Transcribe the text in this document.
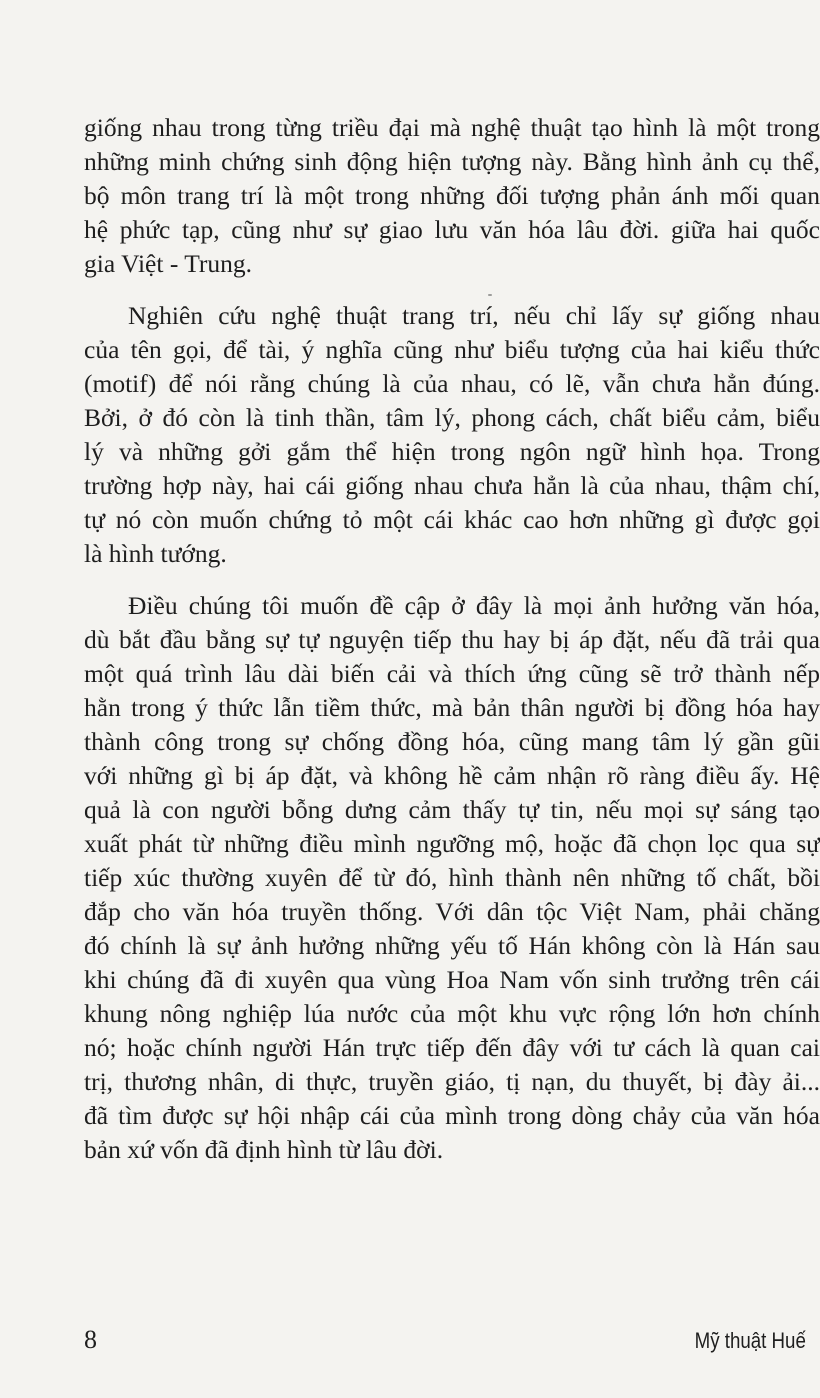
giống nhau trong từng triều đại mà nghệ thuật tạo hình là một trong
những minh chứng sinh động hiện tượng này. Bằng hình ảnh cụ thể,
bộ môn trang trí là một trong những đối tượng phản ánh mối quan
hệ phức tạp, cũng như sự giao lưu văn hóa lâu đời. giữa hai quốc
gia Việt - Trung.
Nghiên cứu nghệ thuật trang trí, nếu chỉ lấy sự giống nhau
của tên gọi, để tài, ý nghĩa cũng như biểu tượng của hai kiểu thức
(motif) để nói rằng chúng là của nhau, có lẽ, vẫn chưa hẳn đúng.
Bởi, ở đó còn là tinh thần, tâm lý, phong cách, chất biểu cảm, biểu
lý và những gởi gắm thể hiện trong ngôn ngữ hình họa. Trong
trường hợp này, hai cái giống nhau chưa hẳn là của nhau, thậm chí,
tự nó còn muốn chứng tỏ một cái khác cao hơn những gì được gọi
là hình tướng.
Điều chúng tôi muốn đề cập ở đây là mọi ảnh hưởng văn hóa,
dù bắt đầu bằng sự tự nguyện tiếp thu hay bị áp đặt, nếu đã trải qua
một quá trình lâu dài biến cải và thích ứng cũng sẽ trở thành nếp
hằn trong ý thức lẫn tiềm thức, mà bản thân người bị đồng hóa hay
thành công trong sự chống đồng hóa, cũng mang tâm lý gần gũi
với những gì bị áp đặt, và không hề cảm nhận rõ ràng điều ấy. Hệ
quả là con người bỗng dưng cảm thấy tự tin, nếu mọi sự sáng tạo
xuất phát từ những điều mình ngưỡng mộ, hoặc đã chọn lọc qua sự
tiếp xúc thường xuyên để từ đó, hình thành nên những tố chất, bồi
đắp cho văn hóa truyền thống. Với dân tộc Việt Nam, phải chăng
đó chính là sự ảnh hưởng những yếu tố Hán không còn là Hán sau
khi chúng đã đi xuyên qua vùng Hoa Nam vốn sinh trưởng trên cái
khung nông nghiệp lúa nước của một khu vực rộng lớn hơn chính
nó; hoặc chính người Hán trực tiếp đến đây với tư cách là quan cai
trị, thương nhân, di thực, truyền giáo, tị nạn, du thuyết, bị đày ải...
đã tìm được sự hội nhập cái của mình trong dòng chảy của văn hóa
bản xứ vốn đã định hình từ lâu đời.
8	Mỹ thuật Huế
